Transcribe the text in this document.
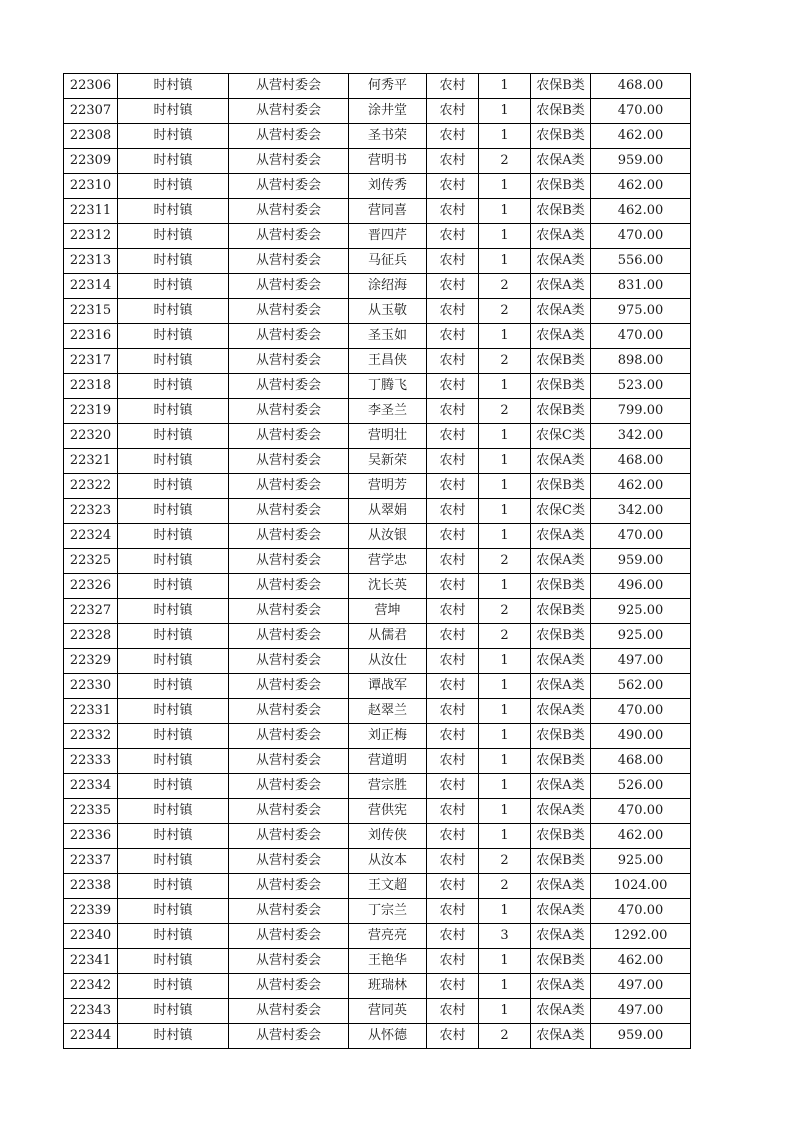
22306	时村镇	从营村委会	何秀平	农村	1	农保B类	468.00
22307	时村镇	从营村委会	涂井堂	农村	1	农保B类	470.00
22308	时村镇	从营村委会	圣书荣	农村	1	农保B类	462.00
22309	时村镇	从营村委会	营明书	农村	2	农保A类	959.00
22310	时村镇	从营村委会	刘传秀	农村	1	农保B类	462.00
22311	时村镇	从营村委会	营同喜	农村	1	农保B类	462.00
22312	时村镇	从营村委会	晋四芹	农村	1	农保A类	470.00
22313	时村镇	从营村委会	马征兵	农村	1	农保A类	556.00
22314	时村镇	从营村委会	涂绍海	农村	2	农保A类	831.00
22315	时村镇	从营村委会	从玉敬	农村	2	农保A类	975.00
22316	时村镇	从营村委会	圣玉如	农村	1	农保A类	470.00
22317	时村镇	从营村委会	王昌侠	农村	2	农保B类	898.00
22318	时村镇	从营村委会	丁腾飞	农村	1	农保B类	523.00
22319	时村镇	从营村委会	李圣兰	农村	2	农保B类	799.00
22320	时村镇	从营村委会	营明壮	农村	1	农保C类	342.00
22321	时村镇	从营村委会	吴新荣	农村	1	农保A类	468.00
22322	时村镇	从营村委会	营明芳	农村	1	农保B类	462.00
22323	时村镇	从营村委会	从翠娟	农村	1	农保C类	342.00
22324	时村镇	从营村委会	从汝银	农村	1	农保A类	470.00
22325	时村镇	从营村委会	营学忠	农村	2	农保A类	959.00
22326	时村镇	从营村委会	沈长英	农村	1	农保B类	496.00
22327	时村镇	从营村委会	营坤	农村	2	农保B类	925.00
22328	时村镇	从营村委会	从儒君	农村	2	农保B类	925.00
22329	时村镇	从营村委会	从汝仕	农村	1	农保A类	497.00
22330	时村镇	从营村委会	谭战军	农村	1	农保A类	562.00
22331	时村镇	从营村委会	赵翠兰	农村	1	农保A类	470.00
22332	时村镇	从营村委会	刘正梅	农村	1	农保B类	490.00
22333	时村镇	从营村委会	营道明	农村	1	农保B类	468.00
22334	时村镇	从营村委会	营宗胜	农村	1	农保A类	526.00
22335	时村镇	从营村委会	营供宪	农村	1	农保A类	470.00
22336	时村镇	从营村委会	刘传侠	农村	1	农保B类	462.00
22337	时村镇	从营村委会	从汝本	农村	2	农保B类	925.00
22338	时村镇	从营村委会	王文超	农村	2	农保A类	1024.00
22339	时村镇	从营村委会	丁宗兰	农村	1	农保A类	470.00
22340	时村镇	从营村委会	营亮亮	农村	3	农保A类	1292.00
22341	时村镇	从营村委会	王艳华	农村	1	农保B类	462.00
22342	时村镇	从营村委会	班瑞林	农村	1	农保A类	497.00
22343	时村镇	从营村委会	营同英	农村	1	农保A类	497.00
22344	时村镇	从营村委会	从怀德	农村	2	农保A类	959.00
